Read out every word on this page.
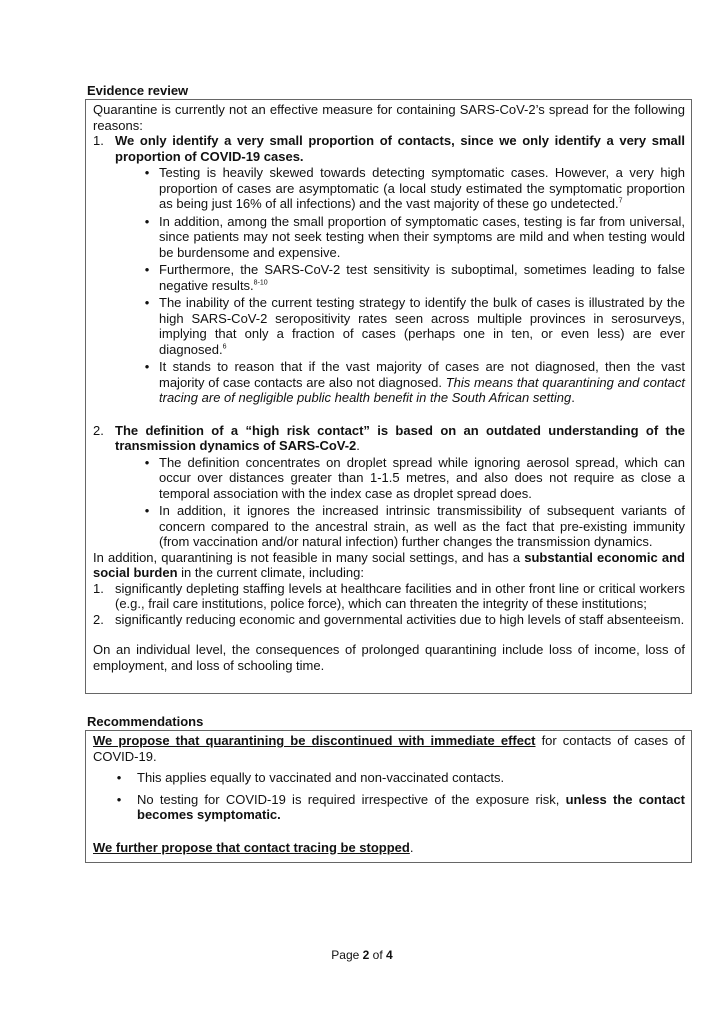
Evidence review

Quarantine is currently not an effective measure for containing SARS-CoV-2’s spread for the following reasons:

1. We only identify a very small proportion of contacts, since we only identify a very small proportion of COVID-19 cases.
• Testing is heavily skewed towards detecting symptomatic cases. However, a very high proportion of cases are asymptomatic (a local study estimated the symptomatic proportion as being just 16% of all infections) and the vast majority of these go undetected.$^7$
• In addition, among the small proportion of symptomatic cases, testing is far from universal, since patients may not seek testing when their symptoms are mild and when testing would be burdensome and expensive.
• Furthermore, the SARS-CoV-2 test sensitivity is suboptimal, sometimes leading to false negative results.$^{8-10}$
• The inability of the current testing strategy to identify the bulk of cases is illustrated by the high SARS-CoV-2 seropositivity rates seen across multiple provinces in serosurveys, implying that only a fraction of cases (perhaps one in ten, or even less) are ever diagnosed.$^6$
• It stands to reason that if the vast majority of cases are not diagnosed, then the vast majority of case contacts are also not diagnosed. This means that quarantining and contact tracing are of negligible public health benefit in the South African setting.
2. The definition of a “high risk contact” is based on an outdated understanding of the transmission dynamics of SARS-CoV-2.
• The definition concentrates on droplet spread while ignoring aerosol spread, which can occur over distances greater than 1-1.5 metres, and also does not require as close a temporal association with the index case as droplet spread does.
• In addition, it ignores the increased intrinsic transmissibility of subsequent variants of concern compared to the ancestral strain, as well as the fact that pre-existing immunity (from vaccination and/or natural infection) further changes the transmission dynamics.

In addition, quarantining is not feasible in many social settings, and has a substantial economic and social burden in the current climate, including:

1. significantly depleting staffing levels at healthcare facilities and in other front line or critical workers (e.g., frail care institutions, police force), which can threaten the integrity of these institutions;
2. significantly reducing economic and governmental activities due to high levels of staff absenteeism.

On an individual level, the consequences of prolonged quarantining include loss of income, loss of employment, and loss of schooling time.

Recommendations

We propose that quarantining be discontinued with immediate effect for contacts of cases of COVID-19.

•	This applies equally to vaccinated and non-vaccinated contacts.
•	No testing for COVID-19 is required irrespective of the exposure risk, unless the contact becomes symptomatic.

We further propose that contact tracing be stopped.

Page 2 of 4
